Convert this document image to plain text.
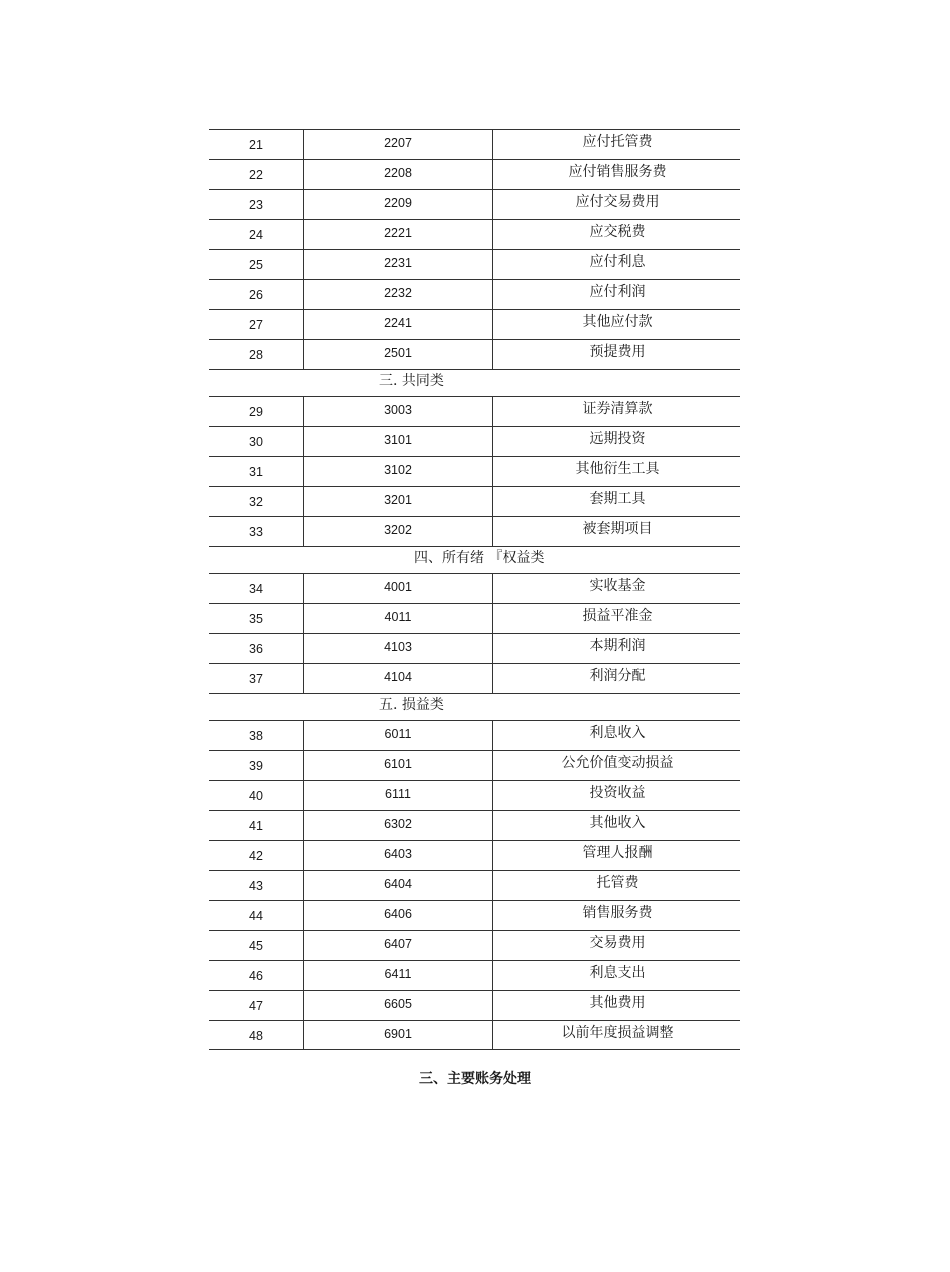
21	2207	应付托管费
22	2208	应付销售服务费
23	2209	应付交易费用
24	2221	应交税费
25	2231	应付利息
26	2232	应付利润
27	2241	其他应付款
28	2501	预提费用
三. 共同类
29	3003	证券清算款
30	3101	远期投资
31	3102	其他衍生工具
32	3201	套期工具
33	3202	被套期项目
四、所有绪 『权益类
34	4001	实收基金
35	4011	损益平准金
36	4103	本期利润
37	4104	利润分配
五. 损益类
38	6011	利息收入
39	6101	公允价值变动损益
40	6111	投资收益
41	6302	其他收入
42	6403	管理人报酬
43	6404	托管费
44	6406	销售服务费
45	6407	交易费用
46	6411	利息支出
47	6605	其他费用
48	6901	以前年度损益调整
三、主要账务处理
